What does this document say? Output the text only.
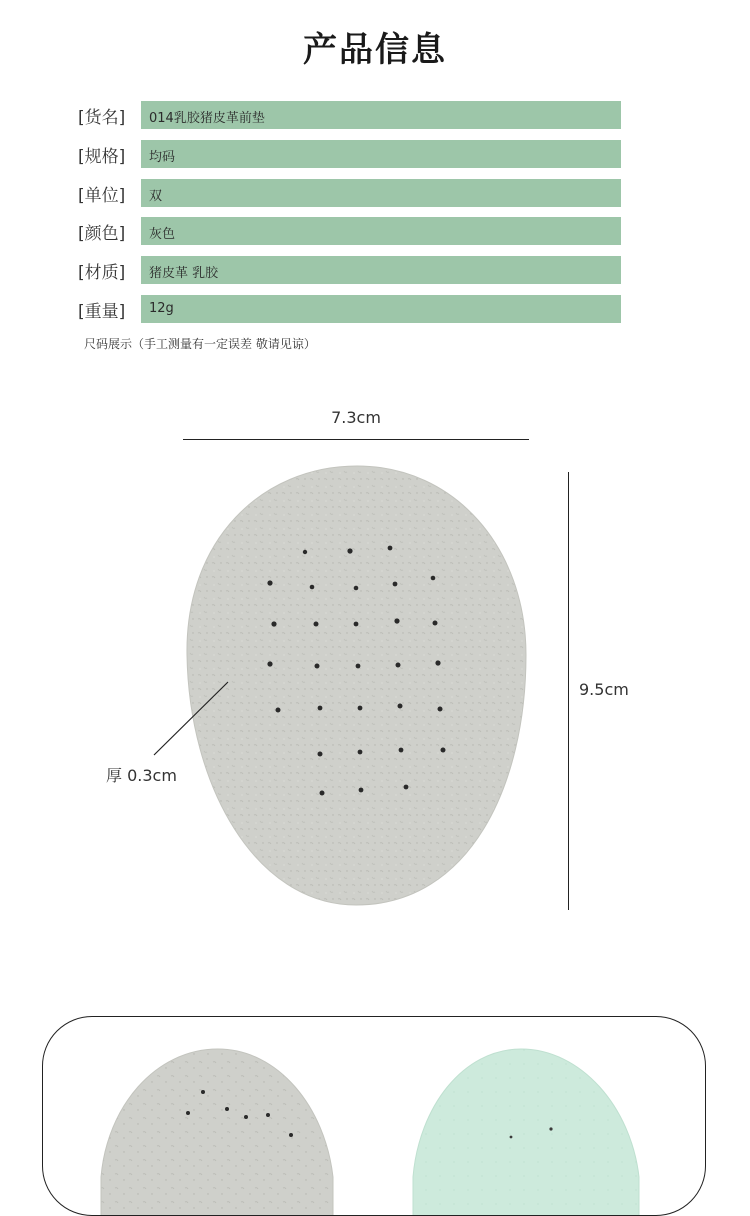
产品信息
[货名] 014乳胶猪皮革前垫
[规格] 均码
[单位] 双
[颜色] 灰色
[材质] 猪皮革 乳胶
[重量] 12g
尺码展示（手工测量有一定误差 敬请见谅）
7.3cm
9.5cm
厚 0.3cm
